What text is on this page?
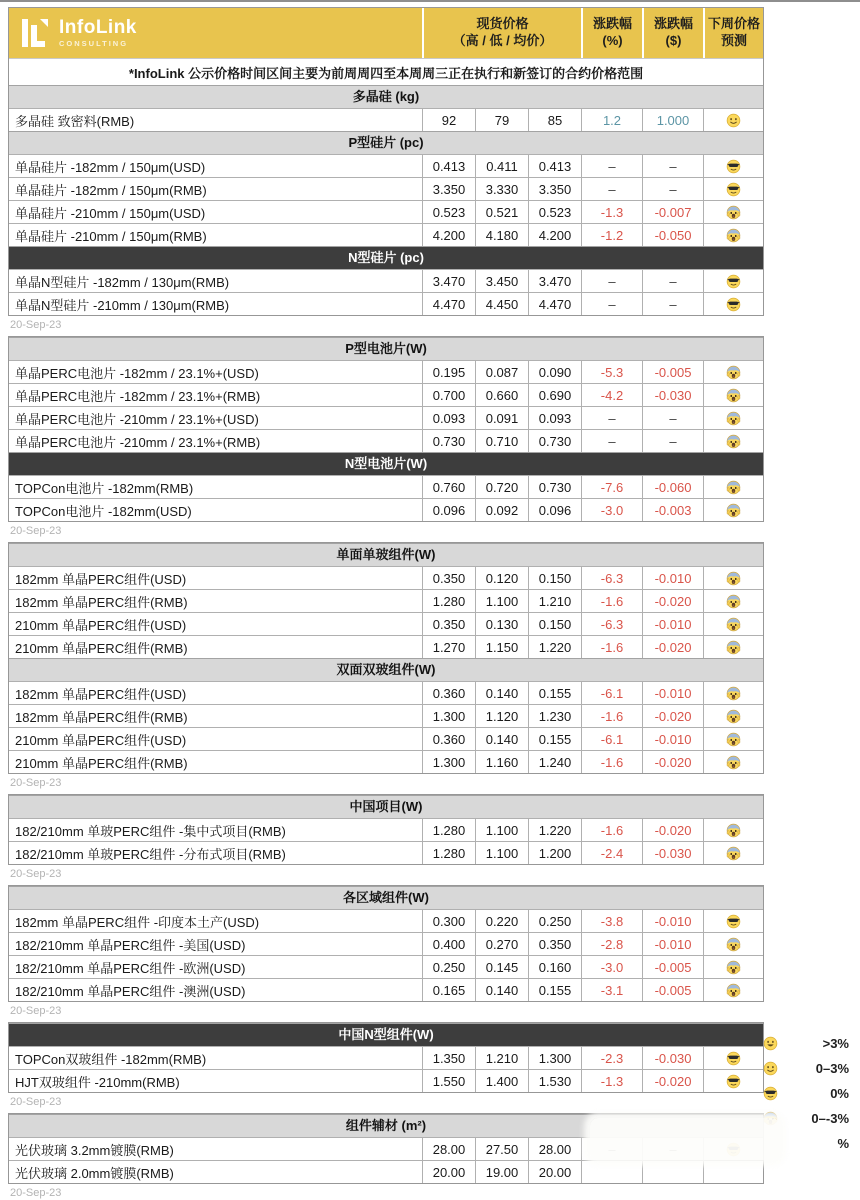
InfoLink
CONSULTING
现货价格
（高 / 低 / 均价）
涨跌幅
(%)
涨跌幅
($)
下周价格
预测
*InfoLink 公示价格时间区间主要为前周周四至本周周三正在执行和新签订的合约价格范围
多晶硅 (kg)
多晶硅 致密料(RMB)	92	79	85	1.2	1.000
P型硅片 (pc)
单晶硅片 -182mm / 150μm(USD)	0.413	0.411	0.413	–	–
单晶硅片 -182mm / 150μm(RMB)	3.350	3.330	3.350	–	–
单晶硅片 -210mm / 150μm(USD)	0.523	0.521	0.523	-1.3	-0.007
单晶硅片 -210mm / 150μm(RMB)	4.200	4.180	4.200	-1.2	-0.050
N型硅片 (pc)
单晶N型硅片 -182mm / 130μm(RMB)	3.470	3.450	3.470	–	–
单晶N型硅片 -210mm / 130μm(RMB)	4.470	4.450	4.470	–	–
20-Sep-23
P型电池片(W)
单晶PERC电池片 -182mm / 23.1%+(USD)	0.195	0.087	0.090	-5.3	-0.005
单晶PERC电池片 -182mm / 23.1%+(RMB)	0.700	0.660	0.690	-4.2	-0.030
单晶PERC电池片 -210mm / 23.1%+(USD)	0.093	0.091	0.093	–	–
单晶PERC电池片 -210mm / 23.1%+(RMB)	0.730	0.710	0.730	–	–
N型电池片(W)
TOPCon电池片 -182mm(RMB)	0.760	0.720	0.730	-7.6	-0.060
TOPCon电池片 -182mm(USD)	0.096	0.092	0.096	-3.0	-0.003
20-Sep-23
单面单玻组件(W)
182mm 单晶PERC组件(USD)	0.350	0.120	0.150	-6.3	-0.010
182mm 单晶PERC组件(RMB)	1.280	1.100	1.210	-1.6	-0.020
210mm 单晶PERC组件(USD)	0.350	0.130	0.150	-6.3	-0.010
210mm 单晶PERC组件(RMB)	1.270	1.150	1.220	-1.6	-0.020
双面双玻组件(W)
182mm 单晶PERC组件(USD)	0.360	0.140	0.155	-6.1	-0.010
182mm 单晶PERC组件(RMB)	1.300	1.120	1.230	-1.6	-0.020
210mm 单晶PERC组件(USD)	0.360	0.140	0.155	-6.1	-0.010
210mm 单晶PERC组件(RMB)	1.300	1.160	1.240	-1.6	-0.020
20-Sep-23
中国项目(W)
182/210mm 单玻PERC组件 -集中式项目(RMB)	1.280	1.100	1.220	-1.6	-0.020
182/210mm 单玻PERC组件 -分布式项目(RMB)	1.280	1.100	1.200	-2.4	-0.030
20-Sep-23
各区域组件(W)
182mm 单晶PERC组件 -印度本土产(USD)	0.300	0.220	0.250	-3.8	-0.010
182/210mm 单晶PERC组件 -美国(USD)	0.400	0.270	0.350	-2.8	-0.010
182/210mm 单晶PERC组件 -欧洲(USD)	0.250	0.145	0.160	-3.0	-0.005
182/210mm 单晶PERC组件 -澳洲(USD)	0.165	0.140	0.155	-3.1	-0.005
20-Sep-23
中国N型组件(W)
TOPCon双玻组件 -182mm(RMB)	1.350	1.210	1.300	-2.3	-0.030
HJT双玻组件 -210mm(RMB)	1.550	1.400	1.530	-1.3	-0.020
20-Sep-23
组件辅材 (m²)
光伏玻璃 3.2mm镀膜(RMB)	28.00	27.50	28.00
光伏玻璃 2.0mm镀膜(RMB)	20.00	19.00	20.00
20-Sep-23
>3%
0–3%
0%
0–-3%
%
